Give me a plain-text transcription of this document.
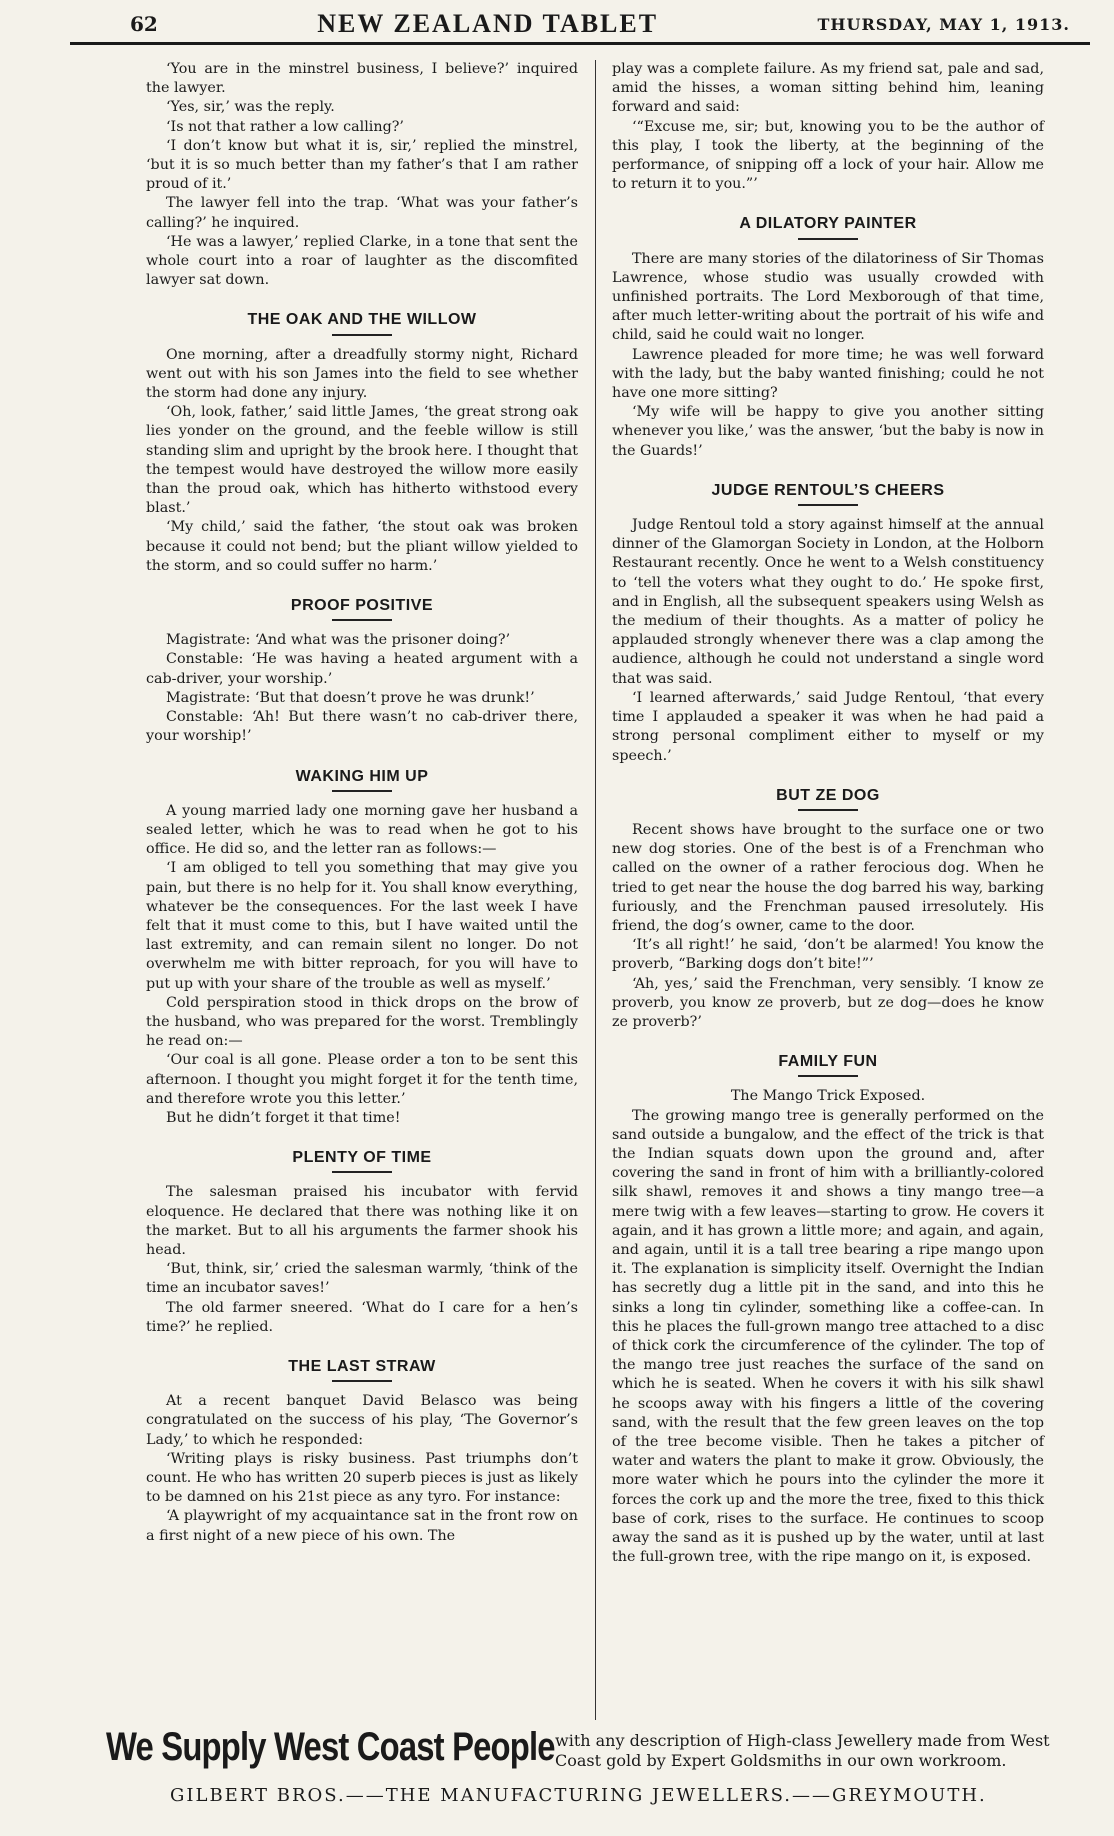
62	NEW ZEALAND TABLET	THURSDAY, MAY 1, 1913.

‘You are in the minstrel business, I believe?’ inquired the lawyer.

‘Yes, sir,’ was the reply.

‘Is not that rather a low calling?’

‘I don’t know but what it is, sir,’ replied the minstrel, ‘but it is so much better than my father’s that I am rather proud of it.’

The lawyer fell into the trap. ‘What was your father’s calling?’ he inquired.

‘He was a lawyer,’ replied Clarke, in a tone that sent the whole court into a roar of laughter as the discomfited lawyer sat down.

THE OAK AND THE WILLOW

One morning, after a dreadfully stormy night, Richard went out with his son James into the field to see whether the storm had done any injury.

‘Oh, look, father,’ said little James, ‘the great strong oak lies yonder on the ground, and the feeble willow is still standing slim and upright by the brook here. I thought that the tempest would have destroyed the willow more easily than the proud oak, which has hitherto withstood every blast.’

‘My child,’ said the father, ‘the stout oak was broken because it could not bend; but the pliant willow yielded to the storm, and so could suffer no harm.’

PROOF POSITIVE

Magistrate: ‘And what was the prisoner doing?’

Constable: ‘He was having a heated argument with a cab-driver, your worship.’

Magistrate: ‘But that doesn’t prove he was drunk!’

Constable: ‘Ah! But there wasn’t no cab-driver there, your worship!’

WAKING HIM UP

A young married lady one morning gave her husband a sealed letter, which he was to read when he got to his office. He did so, and the letter ran as follows:—

‘I am obliged to tell you something that may give you pain, but there is no help for it. You shall know everything, whatever be the consequences. For the last week I have felt that it must come to this, but I have waited until the last extremity, and can remain silent no longer. Do not overwhelm me with bitter reproach, for you will have to put up with your share of the trouble as well as myself.’

Cold perspiration stood in thick drops on the brow of the husband, who was prepared for the worst. Tremblingly he read on:—

‘Our coal is all gone. Please order a ton to be sent this afternoon. I thought you might forget it for the tenth time, and therefore wrote you this letter.’

But he didn’t forget it that time!

PLENTY OF TIME

The salesman praised his incubator with fervid eloquence. He declared that there was nothing like it on the market. But to all his arguments the farmer shook his head.

‘But, think, sir,’ cried the salesman warmly, ‘think of the time an incubator saves!’

The old farmer sneered. ‘What do I care for a hen’s time?’ he replied.

THE LAST STRAW

At a recent banquet David Belasco was being congratulated on the success of his play, ‘The Governor’s Lady,’ to which he responded:

‘Writing plays is risky business. Past triumphs don’t count. He who has written 20 superb pieces is just as likely to be damned on his 21st piece as any tyro. For instance:

‘A playwright of my acquaintance sat in the front row on a first night of a new piece of his own. The

play was a complete failure. As my friend sat, pale and sad, amid the hisses, a woman sitting behind him, leaning forward and said:

‘“Excuse me, sir; but, knowing you to be the author of this play, I took the liberty, at the beginning of the performance, of snipping off a lock of your hair. Allow me to return it to you.”’

A DILATORY PAINTER

There are many stories of the dilatoriness of Sir Thomas Lawrence, whose studio was usually crowded with unfinished portraits. The Lord Mexborough of that time, after much letter-writing about the portrait of his wife and child, said he could wait no longer.

Lawrence pleaded for more time; he was well forward with the lady, but the baby wanted finishing; could he not have one more sitting?

‘My wife will be happy to give you another sitting whenever you like,’ was the answer, ‘but the baby is now in the Guards!’

JUDGE RENTOUL’S CHEERS

Judge Rentoul told a story against himself at the annual dinner of the Glamorgan Society in London, at the Holborn Restaurant recently. Once he went to a Welsh constituency to ‘tell the voters what they ought to do.’ He spoke first, and in English, all the subsequent speakers using Welsh as the medium of their thoughts. As a matter of policy he applauded strongly whenever there was a clap among the audience, although he could not understand a single word that was said.

‘I learned afterwards,’ said Judge Rentoul, ‘that every time I applauded a speaker it was when he had paid a strong personal compliment either to myself or my speech.’

BUT ZE DOG

Recent shows have brought to the surface one or two new dog stories. One of the best is of a Frenchman who called on the owner of a rather ferocious dog. When he tried to get near the house the dog barred his way, barking furiously, and the Frenchman paused irresolutely. His friend, the dog’s owner, came to the door.

‘It’s all right!’ he said, ‘don’t be alarmed! You know the proverb, “Barking dogs don’t bite!”’

‘Ah, yes,’ said the Frenchman, very sensibly. ‘I know ze proverb, you know ze proverb, but ze dog—does he know ze proverb?’

FAMILY FUN

The Mango Trick Exposed.

The growing mango tree is generally performed on the sand outside a bungalow, and the effect of the trick is that the Indian squats down upon the ground and, after covering the sand in front of him with a brilliantly-colored silk shawl, removes it and shows a tiny mango tree—a mere twig with a few leaves—starting to grow. He covers it again, and it has grown a little more; and again, and again, and again, until it is a tall tree bearing a ripe mango upon it. The explanation is simplicity itself. Overnight the Indian has secretly dug a little pit in the sand, and into this he sinks a long tin cylinder, something like a coffee-can. In this he places the full-grown mango tree attached to a disc of thick cork the circumference of the cylinder. The top of the mango tree just reaches the surface of the sand on which he is seated. When he covers it with his silk shawl he scoops away with his fingers a little of the covering sand, with the result that the few green leaves on the top of the tree become visible. Then he takes a pitcher of water and waters the plant to make it grow. Obviously, the more water which he pours into the cylinder the more it forces the cork up and the more the tree, fixed to this thick base of cork, rises to the surface. He continues to scoop away the sand as it is pushed up by the water, until at last the full-grown tree, with the ripe mango on it, is exposed.

We Supply West Coast People with any description of High-class Jewellery made from West Coast gold by Expert Goldsmiths in our own workroom.
GILBERT BROS.——THE MANUFACTURING JEWELLERS.——GREYMOUTH.
